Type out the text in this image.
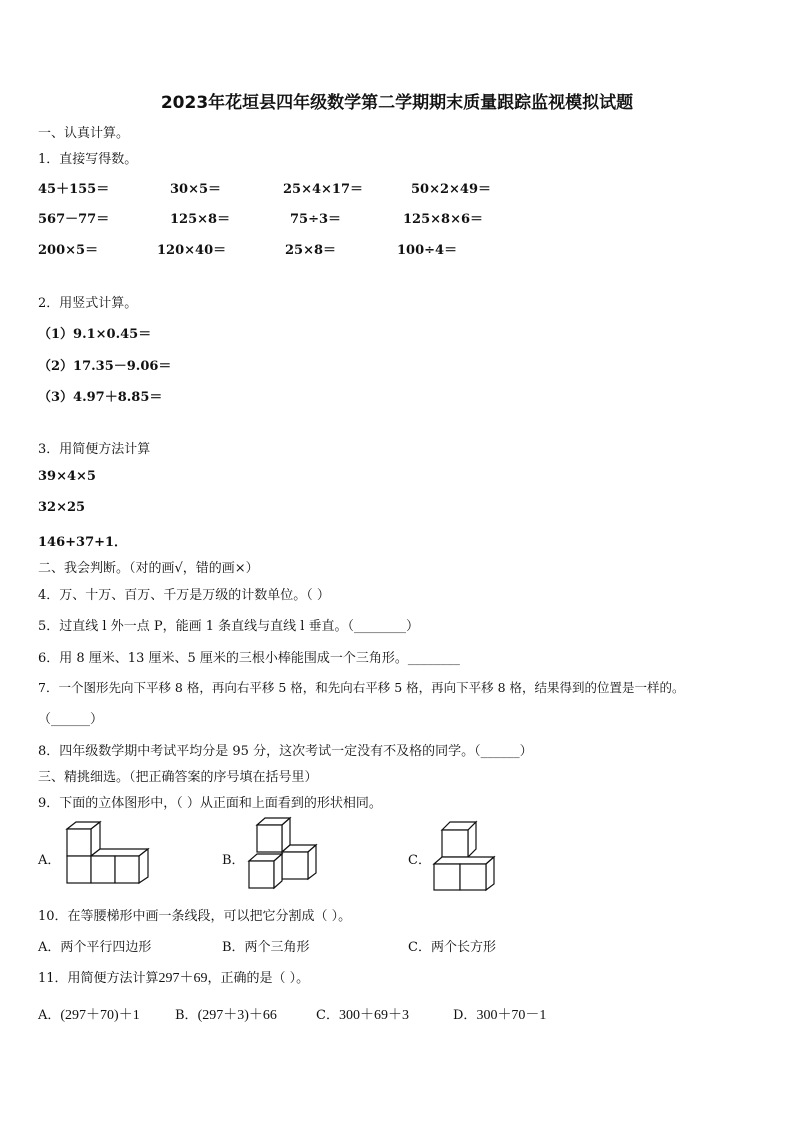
2023年花垣县四年级数学第二学期期末质量跟踪监视模拟试题
一、认真计算。
1．直接写得数。
45＋155＝	30×5＝	25×4×17＝	50×2×49＝
567－77＝	125×8＝	75÷3＝	125×8×6＝
200×5＝	120×40＝	25×8＝	100÷4＝
2．用竖式计算。
（1）9.1×0.45＝
（2）17.35－9.06＝
（3）4.97＋8.85＝
3．用简便方法计算
39×4×5
32×25
146+37+1．
二、我会判断。（对的画√，错的画×）
4．万、十万、百万、千万是万级的计数单位。（ ）
5．过直线 l 外一点 P，能画 1 条直线与直线 l 垂直。（________）
6．用 8 厘米、13 厘米、5 厘米的三根小棒能围成一个三角形。________
7．一个图形先向下平移 8 格，再向右平移 5 格，和先向右平移 5 格，再向下平移 8 格，结果得到的位置是一样的。
（______）
8．四年级数学期中考试平均分是 95 分，这次考试一定没有不及格的同学。（______）
三、精挑细选。（把正确答案的序号填在括号里）
9．下面的立体图形中，（ ）从正面和上面看到的形状相同。
A．	B．	C．
10．在等腰梯形中画一条线段，可以把它分割成（ ）。
A．两个平行四边形	B．两个三角形	C．两个长方形
11．用简便方法计算297＋69，正确的是（ ）。
A．(297＋70)＋1	B．(297＋3)＋66	C．300＋69＋3	D．300＋70－1
